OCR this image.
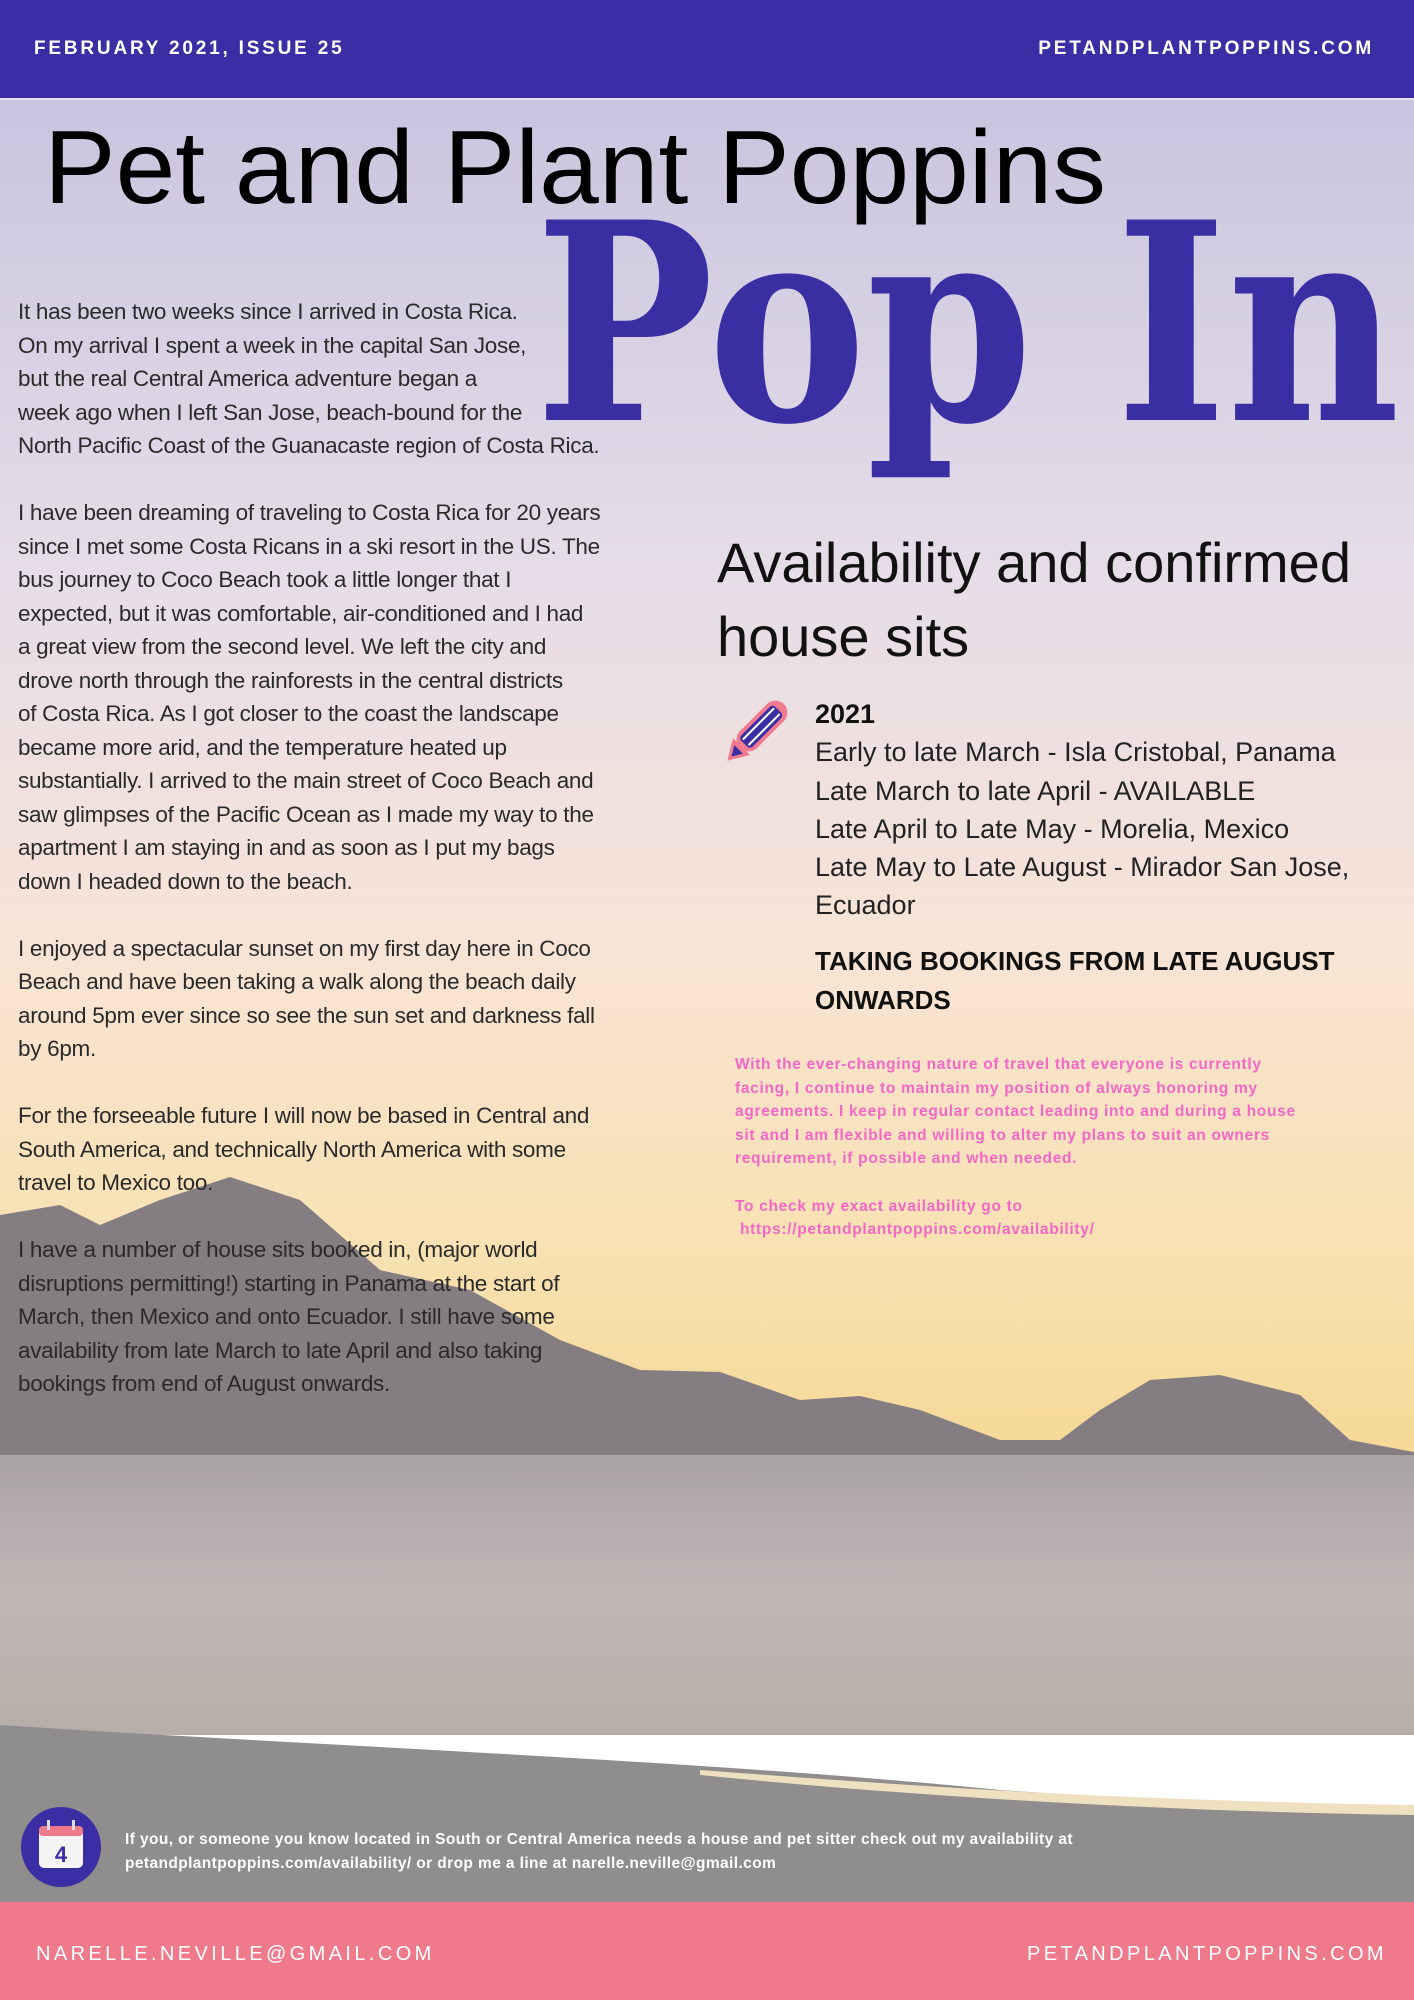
FEBRUARY 2021, ISSUE 25	PETANDPLANTPOPPINS.COM
Pet and Plant Poppins
Pop In
It has been two weeks since I arrived in Costa Rica.
On my arrival I spent a week in the capital San Jose,
but the real Central America adventure began a
week ago when I left San Jose, beach-bound for the
North Pacific Coast of the Guanacaste region of Costa Rica.
I have been dreaming of traveling to Costa Rica for 20 years
since I met some Costa Ricans in a ski resort in the US. The
bus journey to Coco Beach took a little longer that I
expected, but it was comfortable, air-conditioned and I had
a great view from the second level. We left the city and
drove north through the rainforests in the central districts
of Costa Rica. As I got closer to the coast the landscape
became more arid, and the temperature heated up
substantially. I arrived to the main street of Coco Beach and
saw glimpses of the Pacific Ocean as I made my way to the
apartment I am staying in and as soon as I put my bags
down I headed down to the beach.
I enjoyed a spectacular sunset on my first day here in Coco
Beach and have been taking a walk along the beach daily
around 5pm ever since so see the sun set and darkness fall
by 6pm.
For the forseeable future I will now be based in Central and
South America, and technically North America with some
travel to Mexico too.
I have a number of house sits booked in, (major world
disruptions permitting!) starting in Panama at the start of
March, then Mexico and onto Ecuador. I still have some
availability from late March to late April and also taking
bookings from end of August onwards.
Availability and confirmed
house sits
2021
Early to late March - Isla Cristobal, Panama
Late March to late April - AVAILABLE
Late April to Late May - Morelia, Mexico
Late May to Late August - Mirador San Jose,
Ecuador
TAKING BOOKINGS FROM LATE AUGUST
ONWARDS
With the ever-changing nature of travel that everyone is currently
facing, I continue to maintain my position of always honoring my
agreements. I keep in regular contact leading into and during a house
sit and I am flexible and willing to alter my plans to suit an owners
requirement, if possible and when needed.
To check my exact availability go to
https://petandplantpoppins.com/availability/
4
If you, or someone you know located in South or Central America needs a house and pet sitter check out my availability at
petandplantpoppins.com/availability/ or drop me a line at narelle.neville@gmail.com
NARELLE.NEVILLE@GMAIL.COM	PETANDPLANTPOPPINS.COM
